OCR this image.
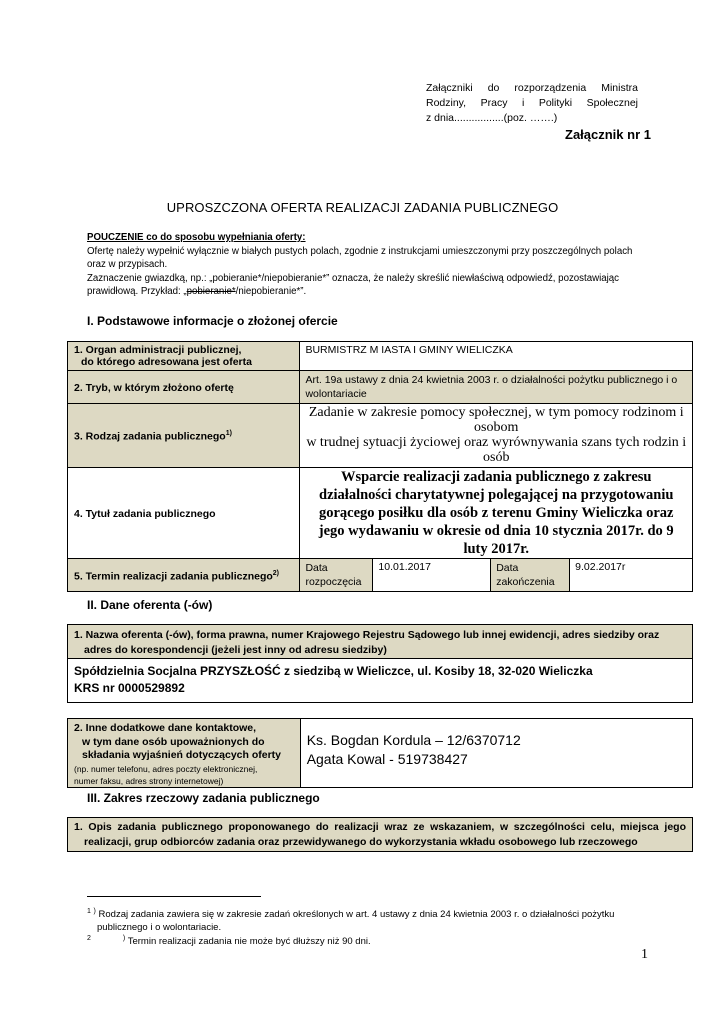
Załączniki do rozporządzenia Ministra
Rodziny, Pracy i Polityki Społecznej
z dnia.................(poz. …….)
Załącznik nr 1
UPROSZCZONA OFERTA REALIZACJI ZADANIA PUBLICZNEGO
POUCZENIE co do sposobu wypełniania oferty:
Ofertę należy wypełnić wyłącznie w białych pustych polach, zgodnie z instrukcjami umieszczonymi przy poszczególnych polach
oraz w przypisach.
Zaznaczenie gwiazdką, np.: „pobieranie*/niepobieranie*” oznacza, że należy skreślić niewłaściwą odpowiedź, pozostawiając
prawidłową. Przykład: „pobieranie*/niepobieranie*”.
I. Podstawowe informacje o złożonej ofercie
1. Organ administracji publicznej,
do którego adresowana jest oferta	BURMISTRZ M IASTA I GMINY WIELICZKA			
2. Tryb, w którym złożono ofertę	Art. 19a ustawy z dnia 24 kwietnia 2003 r. o działalności pożytku publicznego i o wolontariacie			
3. Rodzaj zadania publicznego$^{1)}$	Zadanie w zakresie pomocy społecznej, w tym pomocy rodzinom i osobom
w trudnej sytuacji życiowej oraz wyrównywania szans tych rodzin i osób			

4. Tytuł zadania publicznego	Wsparcie realizacji zadania publicznego z zakresu działalności charytatywnej polegającej na przygotowaniu gorącego posiłku dla osób z terenu Gminy Wieliczka oraz jego wydawaniu w okresie od dnia 10 stycznia 2017r. do 9 luty 2017r.			
5. Termin realizacji zadania publicznego$^{2)}$	Data rozpoczęcia	10.01.2017	Data zakończenia	9.02.2017r
II. Dane oferenta (-ów)
1. Nazwa oferenta (-ów), forma prawna, numer Krajowego Rejestru Sądowego lub innej ewidencji, adres siedziby oraz
adres do korespondencji (jeżeli jest inny od adresu siedziby)

Spółdzielnia Socjalna PRZYSZŁOŚĆ z siedzibą w Wieliczce, ul. Kosiby 18, 32-020 Wieliczka
KRS nr 0000529892

2. Inne dodatkowe dane kontaktowe,
w tym dane osób upoważnionych do
składania wyjaśnień dotyczących oferty
(np. numer telefonu, adres poczty elektronicznej,
numer faksu, adres strony internetowej)

Ks. Bogdan Kordula – 12/6370712
Agata Kowal - 519738427
III. Zakres rzeczowy zadania publicznego
1. Opis zadania publicznego proponowanego do realizacji wraz ze wskazaniem, w szczególności celu, miejsca jego
realizacji, grup odbiorców zadania oraz przewidywanego do wykorzystania wkładu osobowego lub rzeczowego
$^1$ ) Rodzaj zadania zawiera się w zakresie zadań określonych w art. 4 ustawy z dnia 24 kwietnia 2003 r. o działalności pożytku
publicznego i o wolontariacie.
$^2$	) Termin realizacji zadania nie może być dłuższy niż 90 dni.
1
